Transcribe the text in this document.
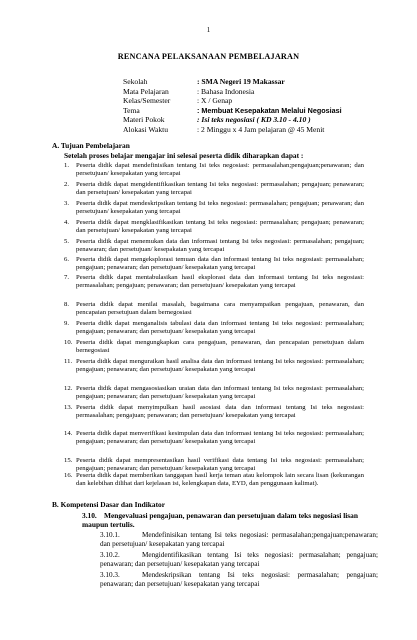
1
RENCANA PELAKSANAAN PEMBELAJARAN
Sekolah	: SMA Negeri 19 Makassar
Mata Pelajaran	: Bahasa Indonesia
Kelas/Semester	: X / Genap
Tema	: Membuat Kesepakatan Melalui Negosiasi
Materi Pokok	: Isi teks negosiasi ( KD 3.10 - 4.10 )
Alokasi Waktu	: 2 Minggu x 4 Jam pelajaran @ 45 Menit
A. Tujuan Pembelajaran
Setelah proses belajar mengajar ini selesai peserta didik diharapkan dapat :
1.	Peserta didik dapat mendefinisikan tentang Isi teks negosiasi: permasalahan;pengajuan;penawaran; dan persetujuan/ kesepakatan yang tercapai
2.	Peserta didik dapat mengidentifikasikan tentang Isi teks negosiasi: permasalahan; pengajuan; penawaran; dan persetujuan/ kesepakatan yang tercapai
3.	Peserta didik dapat mendeskripsikan tentang Isi teks negosiasi: permasalahan; pengajuan; penawaran; dan persetujuan/ kesepakatan yang tercapai
4.	Peserta didik dapat mengklasifikasikan tentang Isi teks negosiasi: permasalahan; pengajuan; penawaran; dan persetujuan/ kesepakatan yang tercapai
5.	Peserta didik dapat menemukan data dan informasi tentang Isi teks negosiasi: permasalahan; pengajuan; penawaran; dan persetujuan/ kesepakatan yang tercapai
6.	Peserta didik dapat mengeksplorasi temuan data dan informasi tentang Isi teks negosiasi: permasalahan; pengajuan; penawaran; dan persetujuan/ kesepakatan yang tercapai
7.	Peserta didik dapat mentabulasikan hasil eksplorasi data dan informasi tentang Isi teks negosiasi: permasalahan; pengajuan; penawaran; dan persetujuan/ kesepakatan yang tercapai
8.	Peserta didik dapat menilai masalah, bagaimana cara menyampaikan pengajuan, penawaran, dan pencapaian persetujuan dalam bernegosiasi
9.	Peserta didik dapat menganalisis tabulasi data dan informasi tentang Isi teks negosiasi: permasalahan; pengajuan; penawaran; dan persetujuan/ kesepakatan yang tercapai
10. Peserta didik dapat mengungkapkan cara pengajuan, penawaran, dan pencapaian persetujuan dalam bernegosiasi
11. Peserta didik dapat menguraikan hasil analisa data dan informasi tentang Isi teks negosiasi: permasalahan; pengajuan; penawaran; dan persetujuan/ kesepakatan yang tercapai
12. Peserta didik dapat mengasosiasikan uraian data dan informasi tentang Isi teks negosiasi: permasalahan; pengajuan; penawaran; dan persetujuan/ kesepakatan yang tercapai
13. Peserta didik dapat menyimpulkan hasil asosiasi data dan informasi tentang Isi teks negosiasi: permasalahan; pengajuan; penawaran; dan persetujuan/ kesepakatan yang tercapai
14. Peserta didik dapat menverifikasi kesimpulan data dan informasi tentang Isi teks negosiasi: permasalahan; pengajuan; penawaran; dan persetujuan/ kesepakatan yang tercapai
15. Peserta didik dapat mempresentasikan hasil verifikasi data tentang Isi teks negosiasi: permasalahan; pengajuan; penawaran; dan persetujuan/ kesepakatan yang tercapai
16. Peserta didik dapat memberikan tanggapan hasil kerja teman atau kelompok lain secara lisan (kekurangan dan kelebihan dilihat dari kejelasan isi, kelengkapan data, EYD, dan penggunaan kalimat).
B. Kompetensi Dasar dan Indikator
3.10. Mengevaluasi pengajuan, penawaran dan persetujuan dalam teks negosiasi lisan maupun tertulis.
3.10.1.	Mendefinisikan tentang Isi teks negosiasi: permasalahan;pengajuan;penawaran; dan persetujuan/ kesepakatan yang tercapai
3.10.2.	Mengidentifikasikan tentang Isi teks negosiasi: permasalahan; pengajuan; penawaran; dan persetujuan/ kesepakatan yang tercapai
3.10.3.	Mendeskripsikan tentang Isi teks negosiasi: permasalahan; pengajuan; penawaran; dan persetujuan/ kesepakatan yang tercapai
